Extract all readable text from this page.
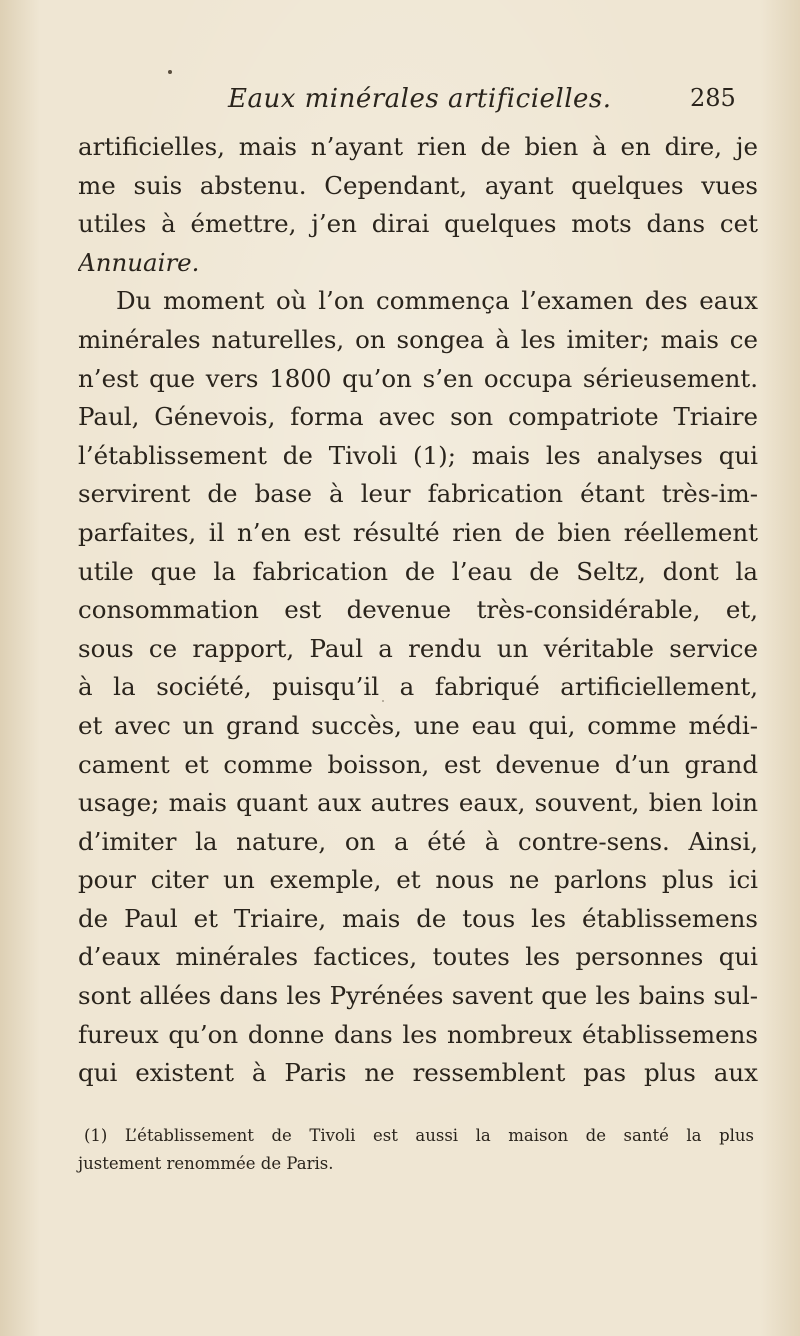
Eaux minérales artificielles.	285
artificielles, mais n’ayant rien de bien à en dire, je
me suis abstenu. Cependant, ayant quelques vues
utiles à émettre, j’en dirai quelques mots dans cet
Annuaire.
Du moment où l’on commença l’examen des eaux
minérales naturelles, on songea à les imiter; mais ce
n’est que vers 1800 qu’on s’en occupa sérieusement.
Paul, Génevois, forma avec son compatriote Triaire
l’établissement de Tivoli (1); mais les analyses qui
servirent de base à leur fabrication étant très-im-
parfaites, il n’en est résulté rien de bien réellement
utile que la fabrication de l’eau de Seltz, dont la
consommation est devenue très-considérable, et,
sous ce rapport, Paul a rendu un véritable service
à la société, puisqu’il a fabriqué artificiellement,
et avec un grand succès, une eau qui, comme médi-
cament et comme boisson, est devenue d’un grand
usage; mais quant aux autres eaux, souvent, bien loin
d’imiter la nature, on a été à contre-sens. Ainsi,
pour citer un exemple, et nous ne parlons plus ici
de Paul et Triaire, mais de tous les établissemens
d’eaux minérales factices, toutes les personnes qui
sont allées dans les Pyrénées savent que les bains sul-
fureux qu’on donne dans les nombreux établissemens
qui existent à Paris ne ressemblent pas plus aux
(1) L’établissement de Tivoli est aussi la maison de santé la plus
justement renommée de Paris.
